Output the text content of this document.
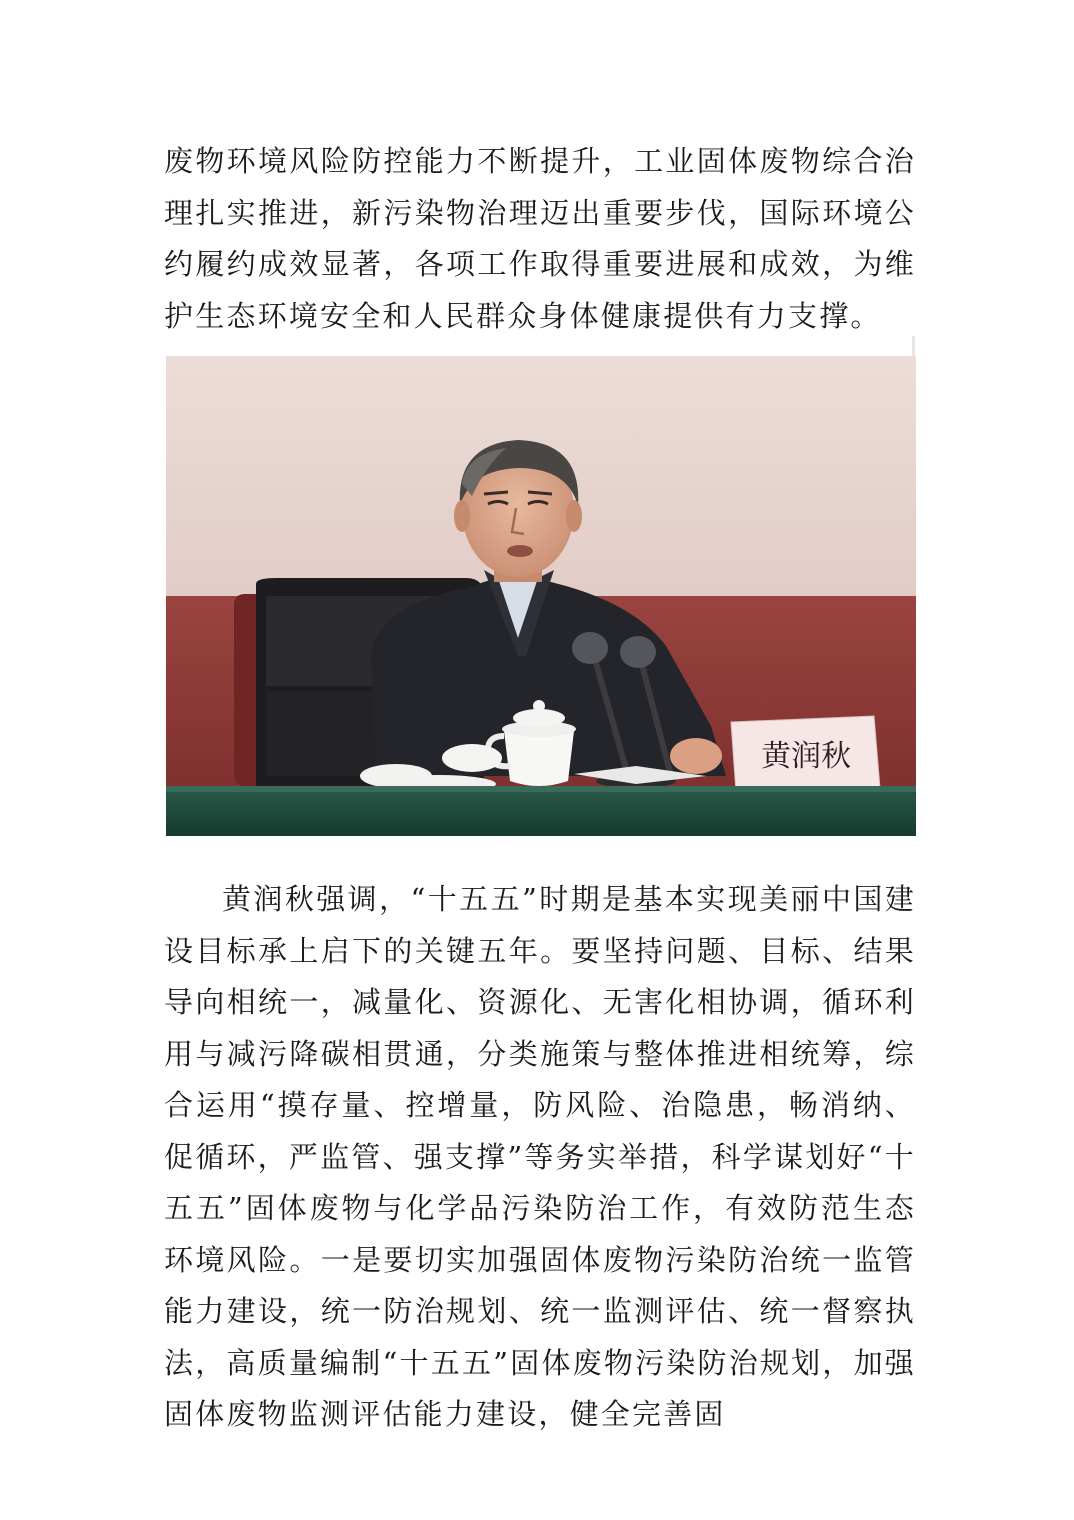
废物环境风险防控能力不断提升，工业固体废物综合治理扎实推进，新污染物治理迈出重要步伐，国际环境公约履约成效显著，各项工作取得重要进展和成效，为维护生态环境安全和人民群众身体健康提供有力支撑。

黄润秋

黄润秋强调，“十五五”时期是基本实现美丽中国建设目标承上启下的关键五年。要坚持问题、目标、结果导向相统一，减量化、资源化、无害化相协调，循环利用与减污降碳相贯通，分类施策与整体推进相统筹，综合运用“摸存量、控增量，防风险、治隐患，畅消纳、促循环，严监管、强支撑”等务实举措，科学谋划好“十五五”固体废物与化学品污染防治工作，有效防范生态环境风险。一是要切实加强固体废物污染防治统一监管能力建设，统一防治规划、统一监测评估、统一督察执法，高质量编制“十五五”固体废物污染防治规划，加强固体废物监测评估能力建设，健全完善固
